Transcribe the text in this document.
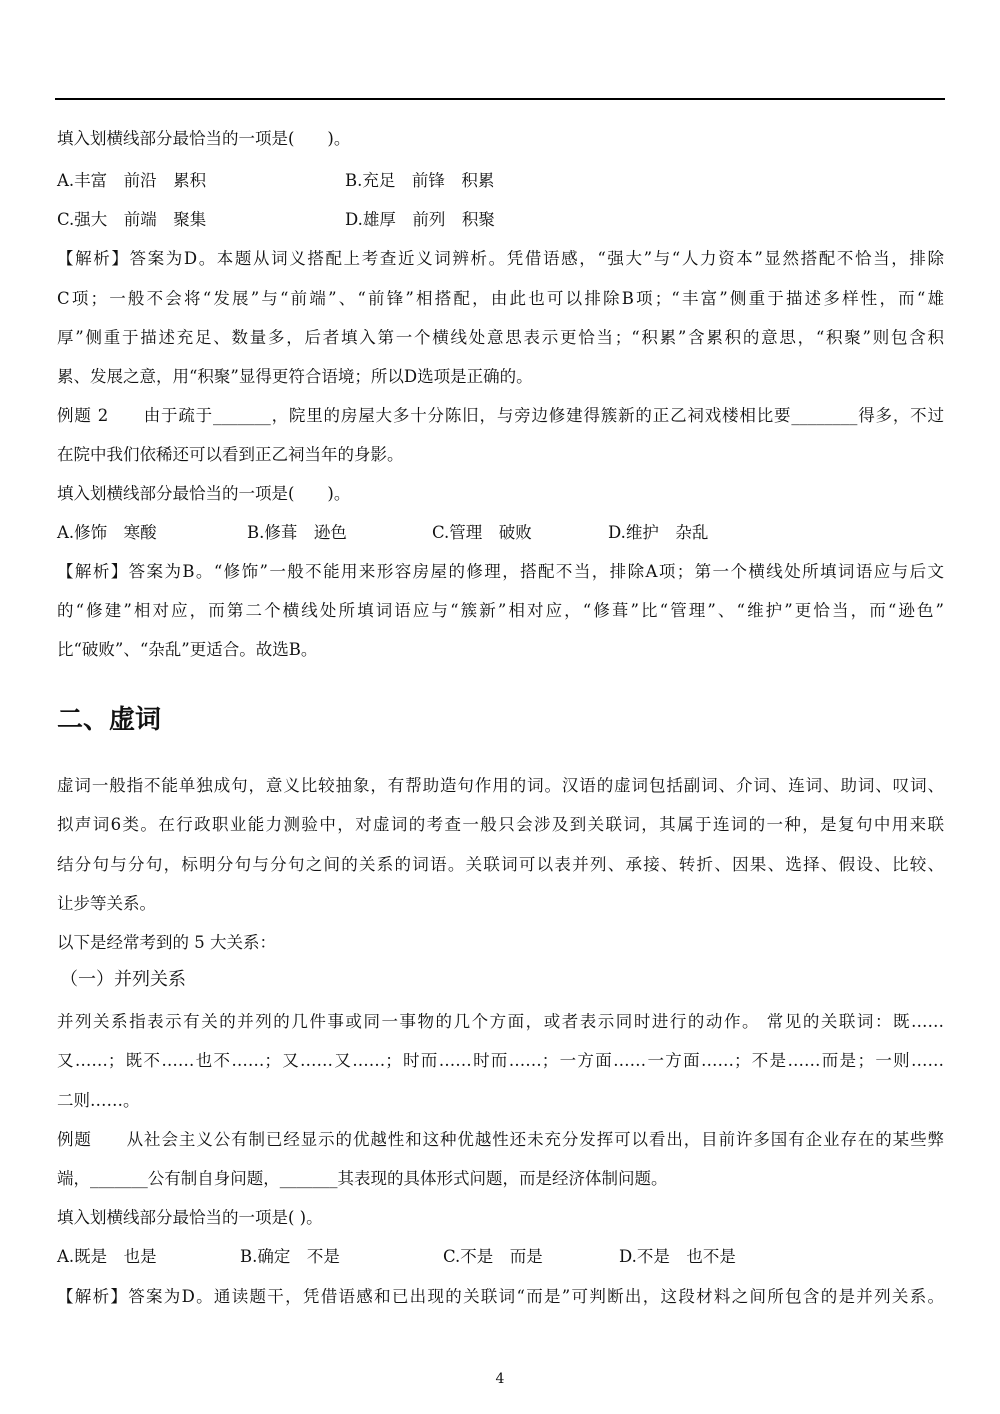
填入划横线部分最恰当的一项是(　　)。
A.丰富　前沿　累积	B.充足　前锋　积累
C.强大　前端　聚集	D.雄厚　前列　积聚
【解析】答案为D。本题从词义搭配上考查近义词辨析。凭借语感，“强大”与“人力资本”显然搭配不恰当，排除
C项；一般不会将“发展”与“前端”、“前锋”相搭配，由此也可以排除B项；“丰富”侧重于描述多样性，而“雄
厚”侧重于描述充足、数量多，后者填入第一个横线处意思表示更恰当；“积累”含累积的意思，“积聚”则包含积
累、发展之意，用“积聚”显得更符合语境；所以D选项是正确的。
例题 2　　由于疏于_______，院里的房屋大多十分陈旧，与旁边修建得簇新的正乙祠戏楼相比要________得多，不过
在院中我们依稀还可以看到正乙祠当年的身影。
填入划横线部分最恰当的一项是(　　)。
A.修饰　寒酸	B.修葺　逊色	C.管理　破败	D.维护　杂乱
【解析】答案为B。“修饰”一般不能用来形容房屋的修理，搭配不当，排除A项；第一个横线处所填词语应与后文
的“修建”相对应，而第二个横线处所填词语应与“簇新”相对应，“修葺”比“管理”、“维护”更恰当，而“逊色”
比“破败”、“杂乱”更适合。故选B。
二、虚词
虚词一般指不能单独成句，意义比较抽象，有帮助造句作用的词。汉语的虚词包括副词、介词、连词、助词、叹词、
拟声词6类。在行政职业能力测验中，对虚词的考查一般只会涉及到关联词，其属于连词的一种，是复句中用来联
结分句与分句，标明分句与分句之间的关系的词语。关联词可以表并列、承接、转折、因果、选择、假设、比较、
让步等关系。
以下是经常考到的 5 大关系：
（一）并列关系
并列关系指表示有关的并列的几件事或同一事物的几个方面，或者表示同时进行的动作。 常见的关联词：既……
又……；既不……也不……；又……又……；时而……时而……；一方面……一方面……；不是……而是；一则……
二则……。
例题　　从社会主义公有制已经显示的优越性和这种优越性还未充分发挥可以看出，目前许多国有企业存在的某些弊
端，_______公有制自身问题，_______其表现的具体形式问题，而是经济体制问题。
填入划横线部分最恰当的一项是( )。
A.既是　也是	B.确定　不是	C.不是　而是	D.不是　也不是
【解析】答案为D。通读题干，凭借语感和已出现的关联词“而是”可判断出，这段材料之间所包含的是并列关系。
4
